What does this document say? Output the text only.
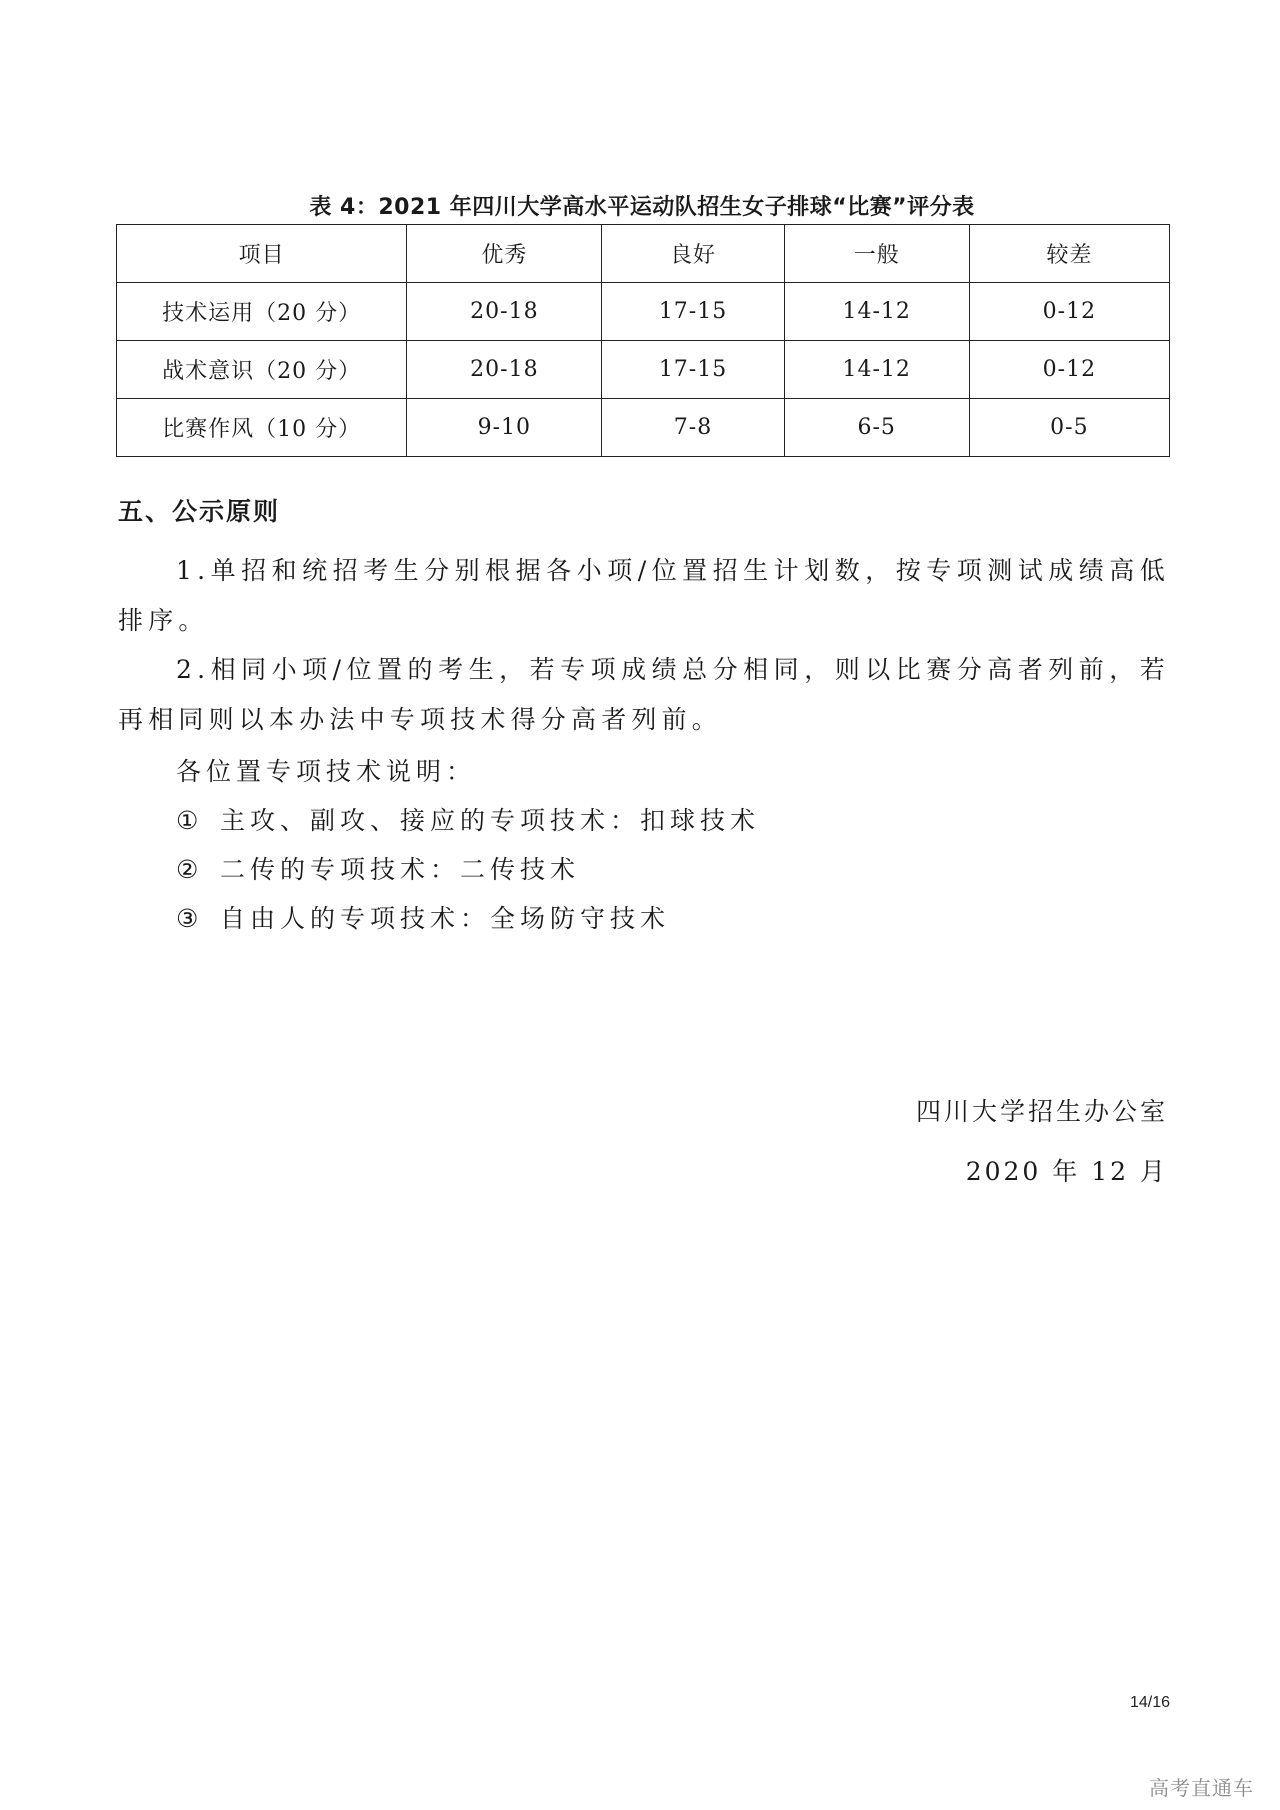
表 4：2021 年四川大学高水平运动队招生女子排球“比赛”评分表
项目	优秀	良好	一般	较差
技术运用（20 分）	20-18	17-15	14-12	0-12
战术意识（20 分）	20-18	17-15	14-12	0-12
比赛作风（10 分）	9-10	7-8	6-5	0-5
五、公示原则
1.单招和统招考生分别根据各小项/位置招生计划数，按专项测试成绩高低排序。
2.相同小项/位置的考生，若专项成绩总分相同，则以比赛分高者列前，若再相同则以本办法中专项技术得分高者列前。
各位置专项技术说明：
① 主攻、副攻、接应的专项技术：扣球技术
② 二传的专项技术：二传技术
③ 自由人的专项技术：全场防守技术
四川大学招生办公室
2020 年 12 月
14/16
高考直通车
